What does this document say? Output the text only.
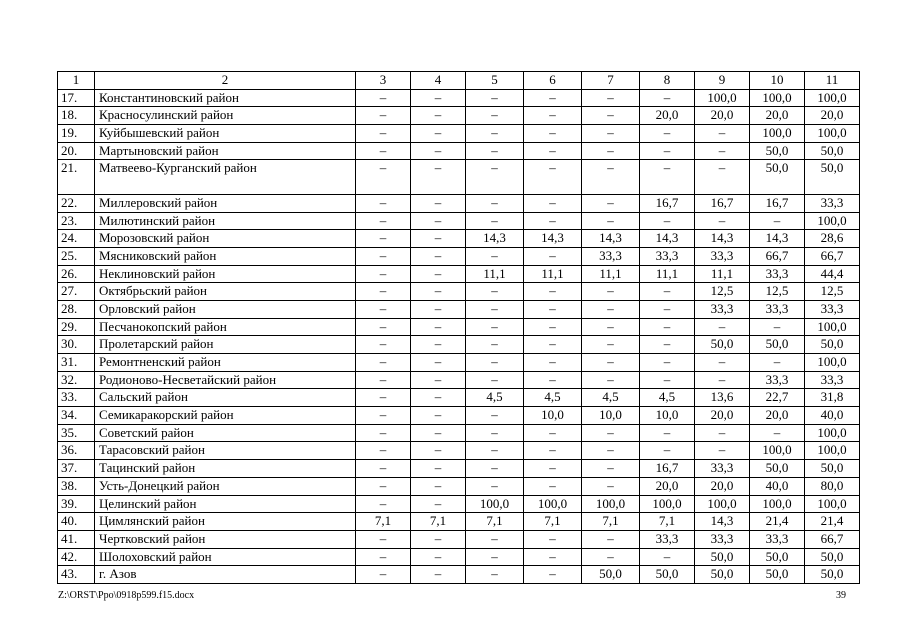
1	2	3	4	5	6	7	8	9	10	11
17.	Константиновский район	–	–	–	–	–	–	100,0	100,0	100,0
18.	Красносулинский район	–	–	–	–	–	20,0	20,0	20,0	20,0
19.	Куйбышевский район	–	–	–	–	–	–	–	100,0	100,0
20.	Мартыновский район	–	–	–	–	–	–	–	50,0	50,0
21.	Матвеево-Курганский район	–	–	–	–	–	–	–	50,0	50,0
22.	Миллеровский район	–	–	–	–	–	16,7	16,7	16,7	33,3
23.	Милютинский район	–	–	–	–	–	–	–	–	100,0
24.	Морозовский район	–	–	14,3	14,3	14,3	14,3	14,3	14,3	28,6
25.	Мясниковский район	–	–	–	–	33,3	33,3	33,3	66,7	66,7
26.	Неклиновский район	–	–	11,1	11,1	11,1	11,1	11,1	33,3	44,4
27.	Октябрьский район	–	–	–	–	–	–	12,5	12,5	12,5
28.	Орловский район	–	–	–	–	–	–	33,3	33,3	33,3
29.	Песчанокопский район	–	–	–	–	–	–	–	–	100,0
30.	Пролетарский район	–	–	–	–	–	–	50,0	50,0	50,0
31.	Ремонтненский район	–	–	–	–	–	–	–	–	100,0
32.	Родионово-Несветайский район	–	–	–	–	–	–	–	33,3	33,3
33.	Сальский район	–	–	4,5	4,5	4,5	4,5	13,6	22,7	31,8
34.	Семикаракорский район	–	–	–	10,0	10,0	10,0	20,0	20,0	40,0
35.	Советский район	–	–	–	–	–	–	–	–	100,0
36.	Тарасовский район	–	–	–	–	–	–	–	100,0	100,0
37.	Тацинский район	–	–	–	–	–	16,7	33,3	50,0	50,0
38.	Усть-Донецкий район	–	–	–	–	–	20,0	20,0	40,0	80,0
39.	Целинский район	–	–	100,0	100,0	100,0	100,0	100,0	100,0	100,0
40.	Цимлянский район	7,1	7,1	7,1	7,1	7,1	7,1	14,3	21,4	21,4
41.	Чертковский район	–	–	–	–	–	33,3	33,3	33,3	66,7
42.	Шолоховский район	–	–	–	–	–	–	50,0	50,0	50,0
43.	г. Азов	–	–	–	–	50,0	50,0	50,0	50,0	50,0
Z:\ORST\Ppo\0918p599.f15.docx	39
